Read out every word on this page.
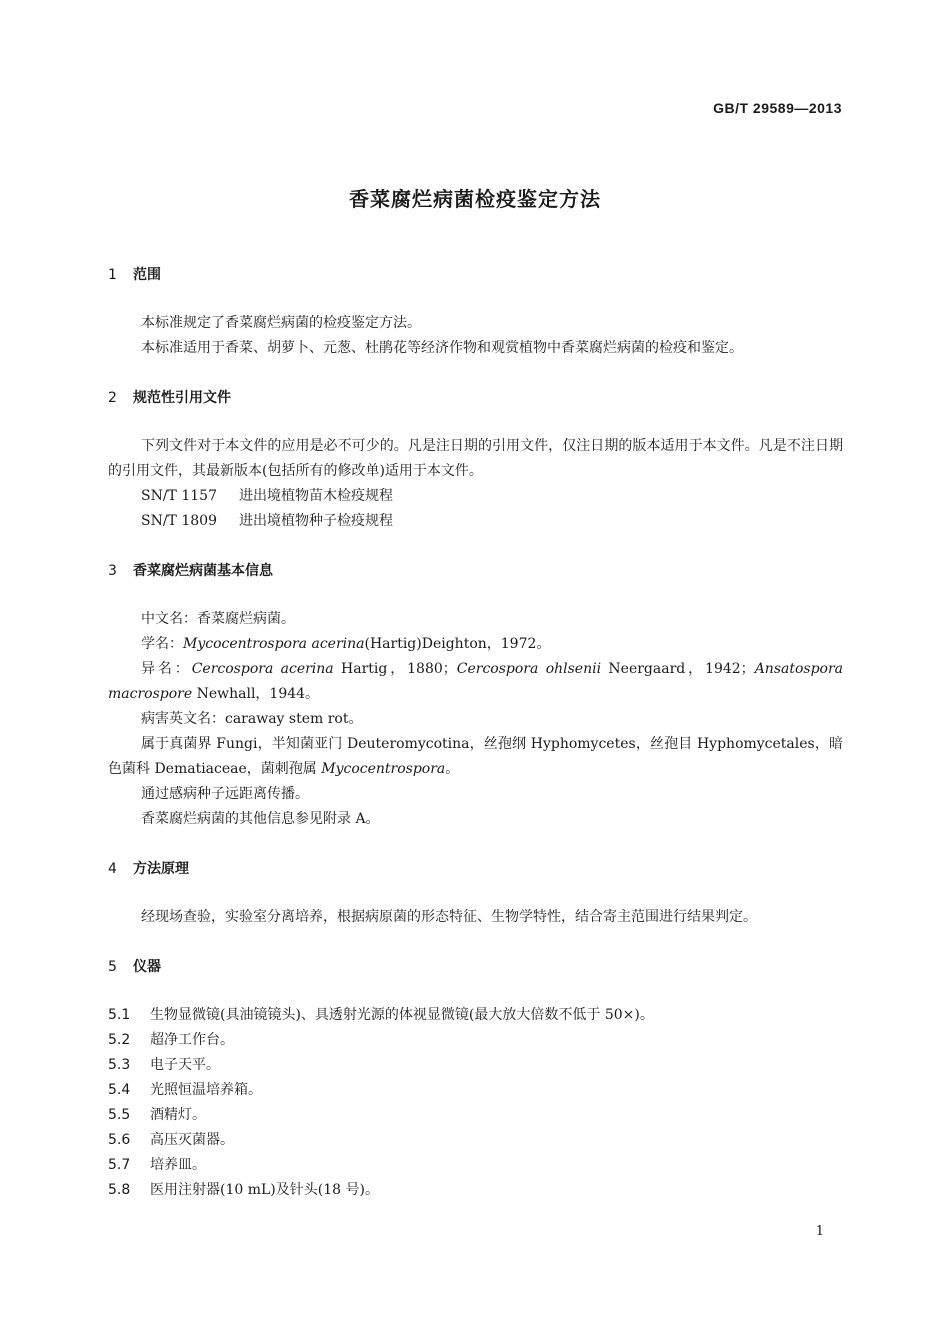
GB/T 29589—2013
香菜腐烂病菌检疫鉴定方法
1 范围
本标准规定了香菜腐烂病菌的检疫鉴定方法。
本标准适用于香菜、胡萝卜、元葱、杜鹃花等经济作物和观赏植物中香菜腐烂病菌的检疫和鉴定。
2 规范性引用文件
下列文件对于本文件的应用是必不可少的。凡是注日期的引用文件，仅注日期的版本适用于本文件。凡是不注日期的引用文件，其最新版本(包括所有的修改单)适用于本文件。
SN/T 1157 进出境植物苗木检疫规程
SN/T 1809 进出境植物种子检疫规程
3 香菜腐烂病菌基本信息
中文名：香菜腐烂病菌。
学名：Mycocentrospora acerina(Hartig)Deighton，1972。
异名：Cercospora acerina Hartig，1880；Cercospora ohlsenii Neergaard，1942；Ansatospora macrospore Newhall，1944。
病害英文名：caraway stem rot。
属于真菌界 Fungi，半知菌亚门 Deuteromycotina，丝孢纲 Hyphomycetes，丝孢目 Hyphomycetales，暗色菌科 Dematiaceae，菌刺孢属 Mycocentrospora。
通过感病种子远距离传播。
香菜腐烂病菌的其他信息参见附录 A。
4 方法原理
经现场查验，实验室分离培养，根据病原菌的形态特征、生物学特性，结合寄主范围进行结果判定。
5 仪器
5.1 生物显微镜(具油镜镜头)、具透射光源的体视显微镜(最大放大倍数不低于 50×)。
5.2 超净工作台。
5.3 电子天平。
5.4 光照恒温培养箱。
5.5 酒精灯。
5.6 高压灭菌器。
5.7 培养皿。
5.8 医用注射器(10 mL)及针头(18 号)。
1
